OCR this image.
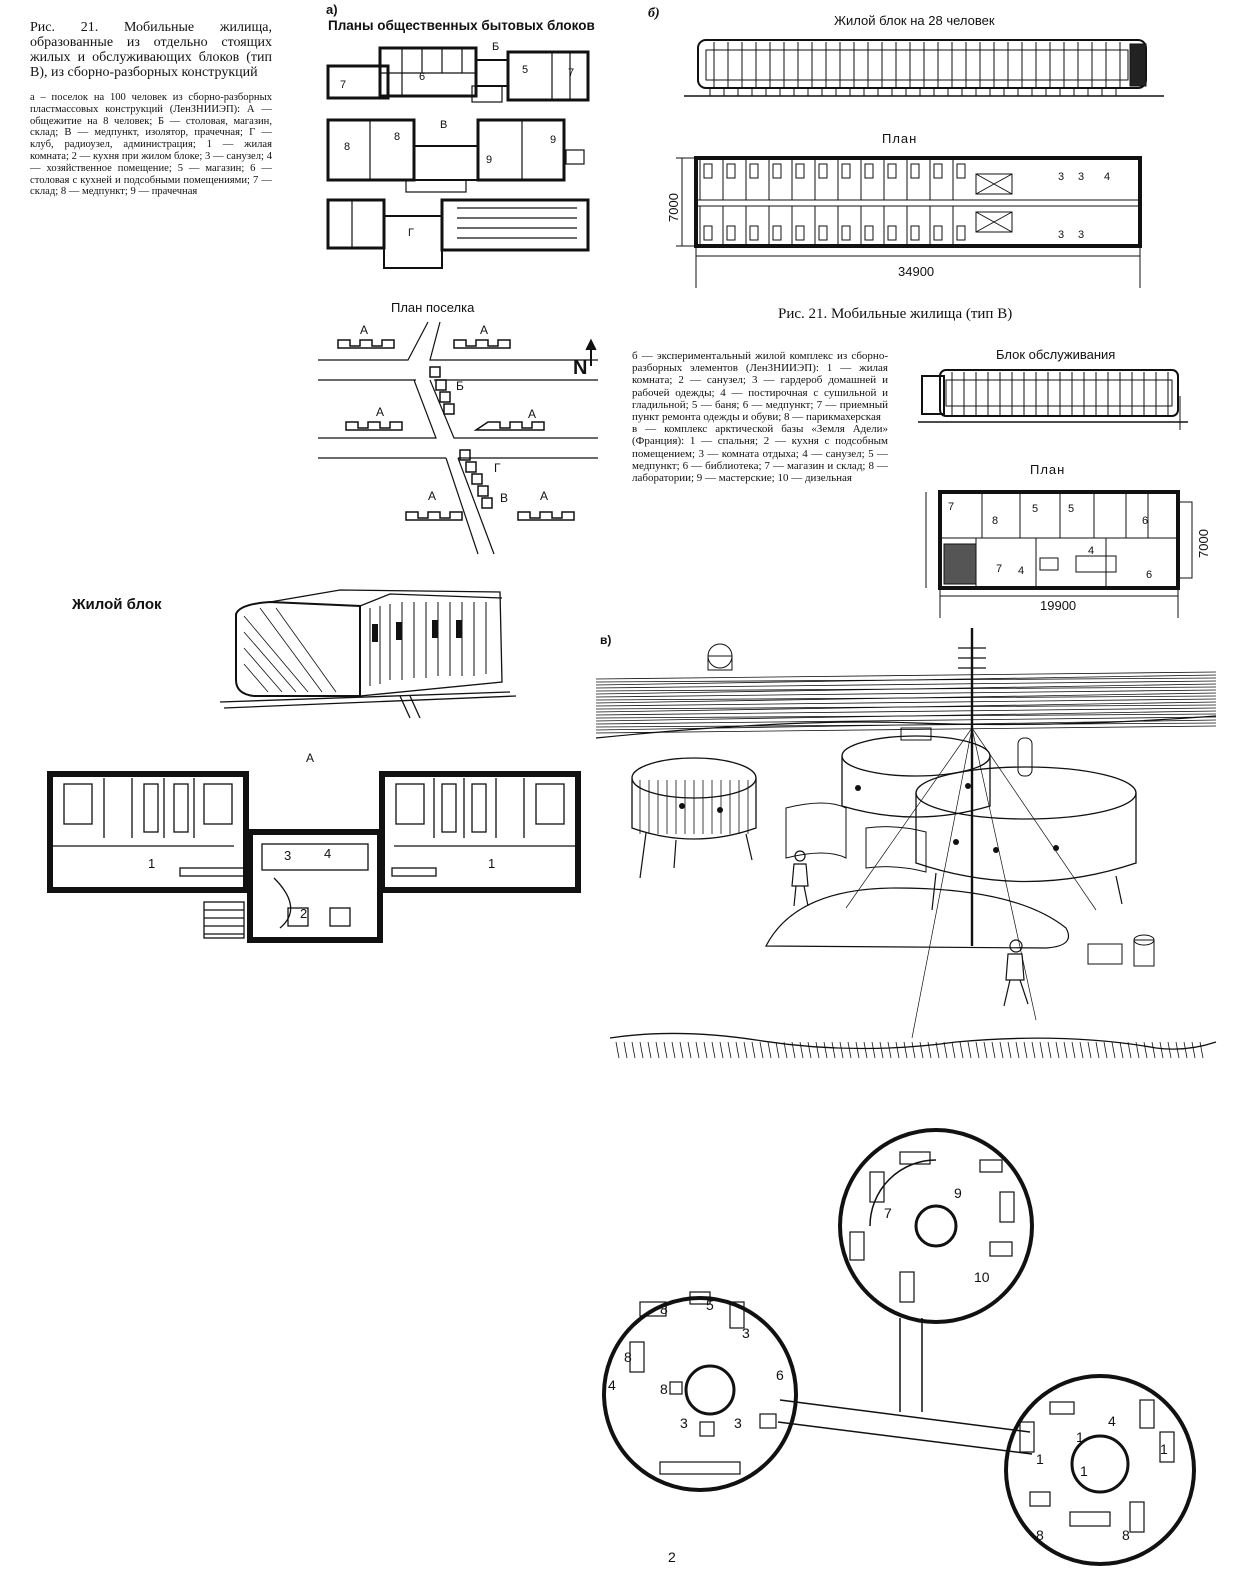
Рис. 21. Мобильные жилища, образованные из отдельно стоящих жилых и обслуживающих блоков (тип В), из сборно-разборных конструкций
а – поселок на 100 человек из сборно-разборных пластмассовых конструкций (ЛенЗНИИЭП): А — общежитие на 8 человек; Б — столовая, магазин, склад; В — медпункт, изолятор, прачечная; Г — клуб, радиоузел, администрация; 1 — жилая комната; 2 — кухня при жилом блоке; 3 — санузел; 4 — хозяйственное помещение; 5 — магазин; 6 — столовая с кухней и подсобными помещениями; 7 — склад; 8 — медпункт; 9 — прачечная
а)
Планы общественных бытовых блоков
7
6
5	7
8
8
9
9
Б
В
Г
План поселка
А	А
А	А
А	А
Б
Г
В
N
Жилой блок
А
1	1
2
3	4
б)	Жилой блок на 28 человек
План
3 3 4
3 3
7000
34900
Рис. 21. Мобильные жилища (тип В)
б — экспериментальный жилой комплекс из сборно-разборных элементов (ЛенЗНИИЭП): 1 — жилая комната; 2 — санузел; 3 — гардероб домашней и рабочей одежды; 4 — постирочная с сушильной и гладильной; 5 — баня; 6 — медпункт; 7 — приемный пункт ремонта одежды и обуви; 8 — парикмахерская
в — комплекс арктической базы «Земля Адели» (Франция): 1 — спальня; 2 — кухня с подсобным помещением; 3 — комната отдыха; 4 — санузел; 5 — медпункт; 6 — библиотека; 7 — магазин и склад; 8 — лаборатории; 9 — мастерские; 10 — дизельная
Блок обслуживания
План
7
8
5	5
6
7 4
4
6
7000
19900
в)
9
7
10
8
8
8
5
3
3	3
6
2
4
1
4
1
1
1
8	8
